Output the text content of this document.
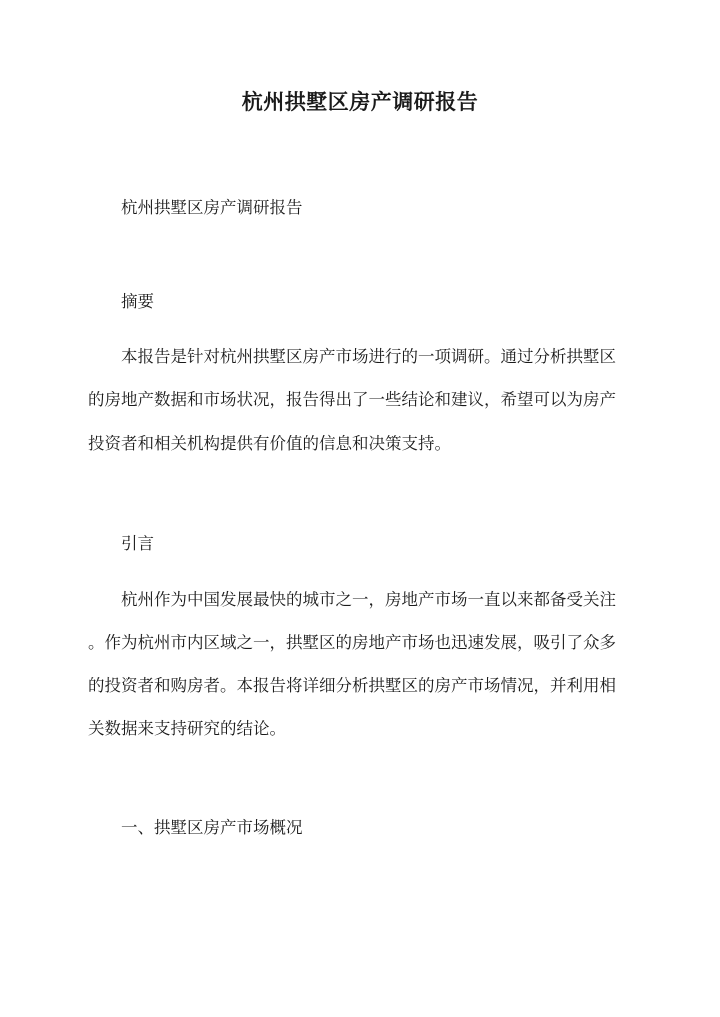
杭州拱墅区房产调研报告

杭州拱墅区房产调研报告

摘要

本报告是针对杭州拱墅区房产市场进行的一项调研。通过分析拱墅区

的房地产数据和市场状况，报告得出了一些结论和建议，希望可以为房产

投资者和相关机构提供有价值的信息和决策支持。

引言

杭州作为中国发展最快的城市之一，房地产市场一直以来都备受关注

。作为杭州市内区域之一，拱墅区的房地产市场也迅速发展，吸引了众多

的投资者和购房者。本报告将详细分析拱墅区的房产市场情况，并利用相

关数据来支持研究的结论。

一、拱墅区房产市场概况
